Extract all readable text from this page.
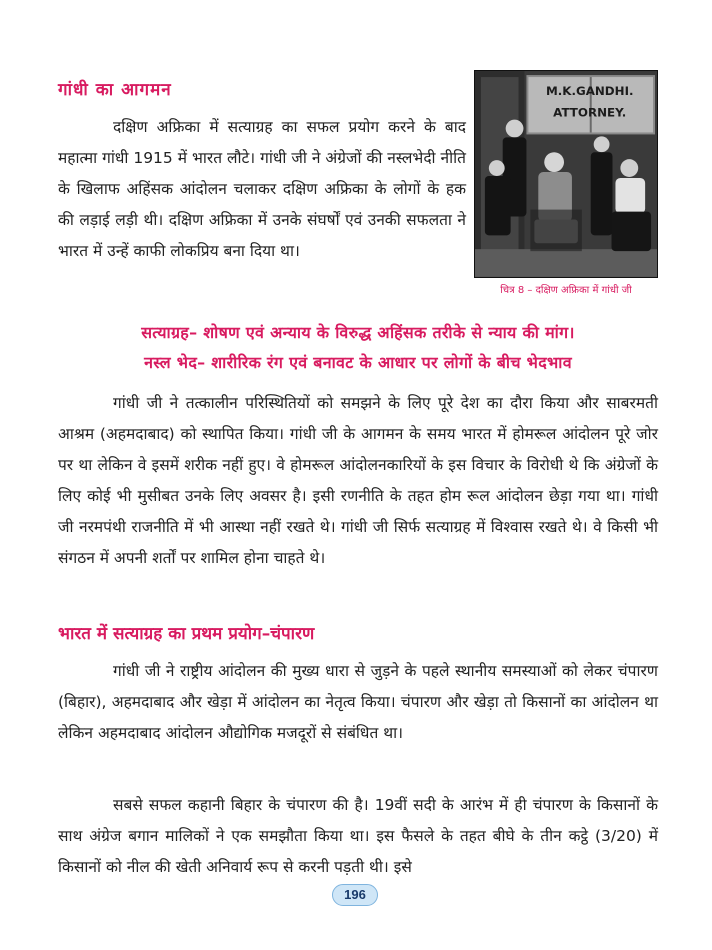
गांधी का आगमन
दक्षिण अफ्रिका में सत्याग्रह का सफल प्रयोग करने के बाद महात्मा गांधी 1915 में भारत लौटे। गांधी जी ने अंग्रेजों की नस्लभेदी नीति के खिलाफ अहिंसक आंदोलन चलाकर दक्षिण अफ्रिका के लोगों के हक की लड़ाई लड़ी थी। दक्षिण अफ्रिका में उनके संघर्षों एवं उनकी सफलता ने भारत में उन्हें काफी लोकप्रिय बना दिया था।
M.K.GANDHI.
ATTORNEY.
चित्र 8 – दक्षिण अफ्रिका में गांधी जी
सत्याग्रह– शोषण एवं अन्याय के विरुद्ध अहिंसक तरीके से न्याय की मांग।
नस्ल भेद– शारीरिक रंग एवं बनावट के आधार पर लोगों के बीच भेदभाव
गांधी जी ने तत्कालीन परिस्थितियों को समझने के लिए पूरे देश का दौरा किया और साबरमती आश्रम (अहमदाबाद) को स्थापित किया। गांधी जी के आगमन के समय भारत में होमरूल आंदोलन पूरे जोर पर था लेकिन वे इसमें शरीक नहीं हुए। वे होमरूल आंदोलनकारियों के इस विचार के विरोधी थे कि अंग्रेजों के लिए कोई भी मुसीबत उनके लिए अवसर है। इसी रणनीति के तहत होम रूल आंदोलन छेड़ा गया था। गांधी जी नरमपंथी राजनीति में भी आस्था नहीं रखते थे। गांधी जी सिर्फ सत्याग्रह में विश्वास रखते थे। वे किसी भी संगठन में अपनी शर्तों पर शामिल होना चाहते थे।
भारत में सत्याग्रह का प्रथम प्रयोग–चंपारण
गांधी जी ने राष्ट्रीय आंदोलन की मुख्य धारा से जुड़ने के पहले स्थानीय समस्याओं को लेकर चंपारण (बिहार), अहमदाबाद और खेड़ा में आंदोलन का नेतृत्व किया। चंपारण और खेड़ा तो किसानों का आंदोलन था लेकिन अहमदाबाद आंदोलन औद्योगिक मजदूरों से संबंधित था।
सबसे सफल कहानी बिहार के चंपारण की है। 19वीं सदी के आरंभ में ही चंपारण के किसानों के साथ अंग्रेज बगान मालिकों ने एक समझौता किया था। इस फैसले के तहत बीघे के तीन कट्ठे (3/20) में किसानों को नील की खेती अनिवार्य रूप से करनी पड़ती थी। इसे
196
